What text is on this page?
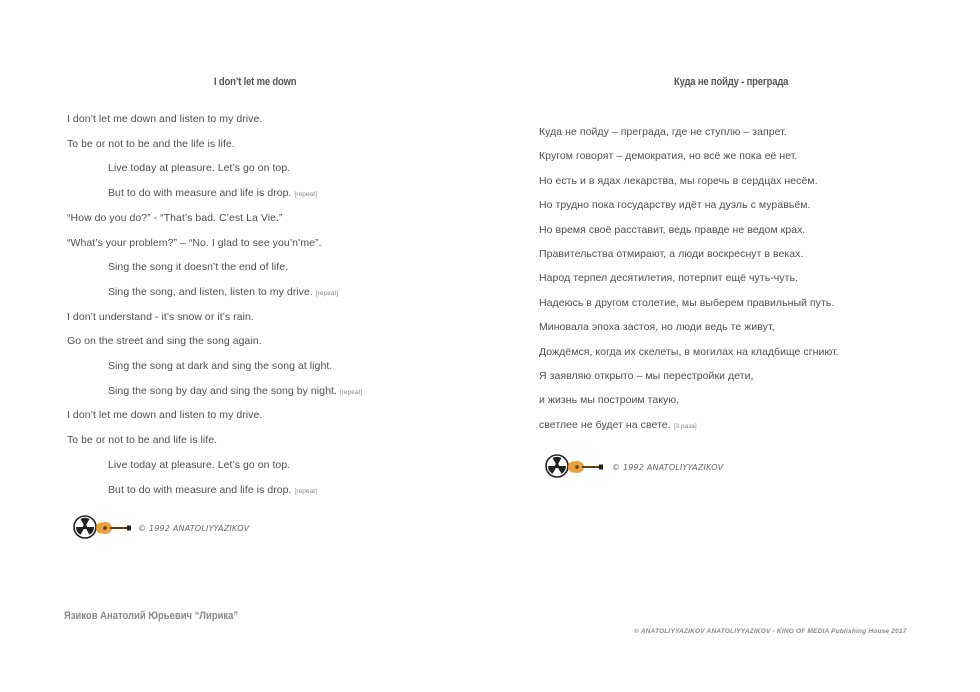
I don’t let me down
I don’t let me down and listen to my drive.
To be or not to be and the life is life.
Live today at pleasure. Let’s go on top.
But to do with measure and life is drop. [repeat]
“How do you do?” - “That’s bad. C’est La Vie.”
“What’s your problem?” – “No. I glad to see you’n’me”.
Sing the song it doesn’t the end of life.
Sing the song, and listen, listen to my drive. [repeat]
I don’t understand - it’s snow or it’s rain.
Go on the street and sing the song again.
Sing the song at dark and sing the song at light.
Sing the song by day and sing the song by night. [repeat]
I don’t let me down and listen to my drive.
To be or not to be and life is life.
Live today at pleasure. Let’s go on top.
But to do with measure and life is drop. [repeat]
© 1992 ANATOLIYYAZIKOV
Язиков Анатолий Юрьевич “Лирика”
Куда не пойду - преграда
Куда не пойду – преграда, где не ступлю – запрет.
Кругом говорят – демократия, но всё же пока её нет.
Но есть и в ядах лекарства, мы горечь в сердцах несём.
Но трудно пока государству идёт на дуэль с муравьём.
Но время своё расставит, ведь правде не ведом крах.
Правительства отмирают, а люди воскреснут в веках.
Народ терпел десятилетия, потерпит ещё чуть-чуть.
Надеюсь в другом столетие, мы выберем правильный путь.
Миновала эпоха застоя, но люди ведь те живут,
Дождёмся, когда их скелеты, в могилах на кладбище сгниют.
Я заявляю открыто – мы перестройки дети,
и жизнь мы построим такую,
светлее не будет на свете. [3 раза]
© 1992 ANATOLIYYAZIKOV
© ANATOLIYYAZIKOV ANATOLIYYAZIKOV - KING OF MEDIA Publishing House 2017
